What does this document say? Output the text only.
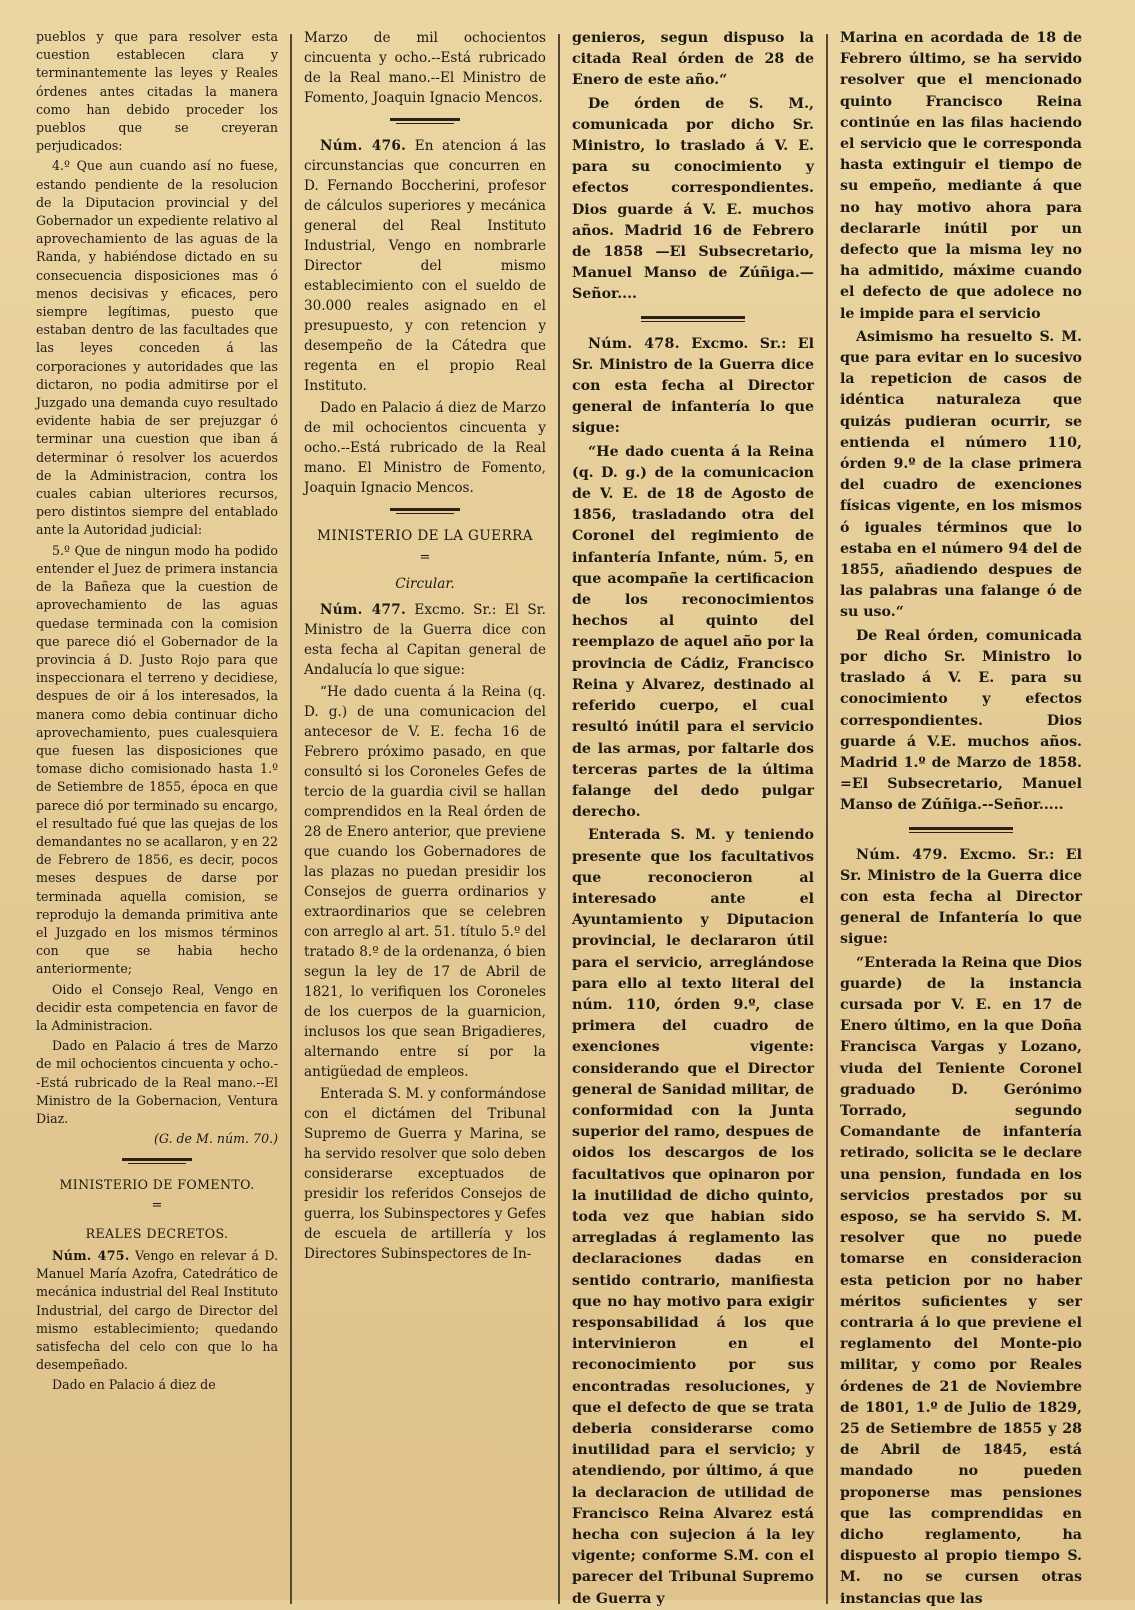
pueblos y que para resolver esta cuestion establecen clara y terminantemente las leyes y Reales órdenes antes citadas la manera como han debido proceder los pueblos que se creyeran perjudicados:

4.º Que aun cuando así no fuese, estando pendiente de la resolucion de la Diputacion provincial y del Gobernador un expediente relativo al aprovechamiento de las aguas de la Randa, y habiéndose dictado en su consecuencia disposiciones mas ó menos decisivas y eficaces, pero siempre legítimas, puesto que estaban dentro de las facultades que las leyes conceden á las corporaciones y autoridades que las dictaron, no podia admitirse por el Juzgado una demanda cuyo resultado evidente habia de ser prejuzgar ó terminar una cuestion que iban á determinar ó resolver los acuerdos de la Administracion, contra los cuales cabian ulteriores recursos, pero distintos siempre del entablado ante la Autoridad judicial:

5.º Que de ningun modo ha podido entender el Juez de primera instancia de la Bañeza que la cuestion de aprovechamiento de las aguas quedase terminada con la comision que parece dió el Gobernador de la provincia á D. Justo Rojo para que inspeccionara el terreno y decidiese, despues de oir á los interesados, la manera como debia continuar dicho aprovechamiento, pues cualesquiera que fuesen las disposiciones que tomase dicho comisionado hasta 1.º de Setiembre de 1855, época en que parece dió por terminado su encargo, el resultado fué que las quejas de los demandantes no se acallaron, y en 22 de Febrero de 1856, es decir, pocos meses despues de darse por terminada aquella comision, se reprodujo la demanda primitiva ante el Juzgado en los mismos términos con que se habia hecho anteriormente;

Oido el Consejo Real, Vengo en decidir esta competencia en favor de la Administracion.

Dado en Palacio á tres de Marzo de mil ochocientos cincuenta y ocho.--Está rubricado de la Real mano.--El Ministro de la Gobernacion, Ventura Diaz.

(G. de M. núm. 70.)

MINISTERIO DE FOMENTO.

=

REALES DECRETOS.

Núm. 475. Vengo en relevar á D. Manuel María Azofra, Catedrático de mecánica industrial del Real Instituto Industrial, del cargo de Director del mismo establecimiento; quedando satisfecha del celo con que lo ha desempeñado.

Dado en Palacio á diez de

Marzo de mil ochocientos cincuenta y ocho.--Está rubricado de la Real mano.--El Ministro de Fomento, Joaquin Ignacio Mencos.

Núm. 476. En atencion á las circunstancias que concurren en D. Fernando Boccherini, profesor de cálculos superiores y mecánica general del Real Instituto Industrial, Vengo en nombrarle Director del mismo establecimiento con el sueldo de 30.000 reales asignado en el presupuesto, y con retencion y desempeño de la Cátedra que regenta en el propio Real Instituto.

Dado en Palacio á diez de Marzo de mil ochocientos cincuenta y ocho.--Está rubricado de la Real mano. El Ministro de Fomento, Joaquin Ignacio Mencos.

MINISTERIO DE LA GUERRA

=

Circular.

Núm. 477. Excmo. Sr.: El Sr. Ministro de la Guerra dice con esta fecha al Capitan general de Andalucía lo que sigue:

“He dado cuenta á la Reina (q. D. g.) de una comunicacion del antecesor de V. E. fecha 16 de Febrero próximo pasado, en que consultó si los Coroneles Gefes de tercio de la guardia civil se hallan comprendidos en la Real órden de 28 de Enero anterior, que previene que cuando los Gobernadores de las plazas no puedan presidir los Consejos de guerra ordinarios y extraordinarios que se celebren con arreglo al art. 51. título 5.º del tratado 8.º de la ordenanza, ó bien segun la ley de 17 de Abril de 1821, lo verifiquen los Coroneles de los cuerpos de la guarnicion, inclusos los que sean Brigadieres, alternando entre sí por la antigüedad de empleos.

Enterada S. M. y conformándose con el dictámen del Tribunal Supremo de Guerra y Marina, se ha servido resolver que solo deben considerarse exceptuados de presidir los referidos Consejos de guerra, los Subinspectores y Gefes de escuela de artillería y los Directores Subinspectores de In-

genieros, segun dispuso la citada Real órden de 28 de Enero de este año.“

De órden de S. M., comunicada por dicho Sr. Ministro, lo traslado á V. E. para su conocimiento y efectos correspondientes. Dios guarde á V. E. muchos años. Madrid 16 de Febrero de 1858 —El Subsecretario, Manuel Manso de Zúñiga.—Señor....

Núm. 478. Excmo. Sr.: El Sr. Ministro de la Guerra dice con esta fecha al Director general de infantería lo que sigue:

“He dado cuenta á la Reina (q. D. g.) de la comunicacion de V. E. de 18 de Agosto de 1856, trasladando otra del Coronel del regimiento de infantería Infante, núm. 5, en que acompañe la certificacion de los reconocimientos hechos al quinto del reemplazo de aquel año por la provincia de Cádiz, Francisco Reina y Alvarez, destinado al referido cuerpo, el cual resultó inútil para el servicio de las armas, por faltarle dos terceras partes de la última falange del dedo pulgar derecho.

Enterada S. M. y teniendo presente que los facultativos que reconocieron al interesado ante el Ayuntamiento y Diputacion provincial, le declararon útil para el servicio, arreglándose para ello al texto literal del núm. 110, órden 9.º, clase primera del cuadro de exenciones vigente: considerando que el Director general de Sanidad militar, de conformidad con la Junta superior del ramo, despues de oidos los descargos de los facultativos que opinaron por la inutilidad de dicho quinto, toda vez que habian sido arregladas á reglamento las declaraciones dadas en sentido contrario, manifiesta que no hay motivo para exigir responsabilidad á los que intervinieron en el reconocimiento por sus encontradas resoluciones, y que el defecto de que se trata deberia considerarse como inutilidad para el servicio; y atendiendo, por último, á que la declaracion de utilidad de Francisco Reina Alvarez está hecha con sujecion á la ley vigente; conforme S.M. con el parecer del Tribunal Supremo de Guerra y

Marina en acordada de 18 de Febrero último, se ha servido resolver que el mencionado quinto Francisco Reina continúe en las filas haciendo el servicio que le corresponda hasta extinguir el tiempo de su empeño, mediante á que no hay motivo ahora para declararle inútil por un defecto que la misma ley no ha admitido, máxime cuando el defecto de que adolece no le impide para el servicio

Asimismo ha resuelto S. M. que para evitar en lo sucesivo la repeticion de casos de idéntica naturaleza que quizás pudieran ocurrir, se entienda el número 110, órden 9.º de la clase primera del cuadro de exenciones físicas vigente, en los mismos ó iguales términos que lo estaba en el número 94 del de 1855, añadiendo despues de las palabras una falange ó de su uso.“

De Real órden, comunicada por dicho Sr. Ministro lo traslado á V. E. para su conocimiento y efectos correspondientes. Dios guarde á V.E. muchos años. Madrid 1.º de Marzo de 1858. =El Subsecretario, Manuel Manso de Zúñiga.--Señor.....

Núm. 479. Excmo. Sr.: El Sr. Ministro de la Guerra dice con esta fecha al Director general de Infantería lo que sigue:

“Enterada la Reina que Dios guarde) de la instancia cursada por V. E. en 17 de Enero último, en la que Doña Francisca Vargas y Lozano, viuda del Teniente Coronel graduado D. Gerónimo Torrado, segundo Comandante de infantería retirado, solicita se le declare una pension, fundada en los servicios prestados por su esposo, se ha servido S. M. resolver que no puede tomarse en consideracion esta peticion por no haber méritos suficientes y ser contraria á lo que previene el reglamento del Monte-pio militar, y como por Reales órdenes de 21 de Noviembre de 1801, 1.º de Julio de 1829, 25 de Setiembre de 1855 y 28 de Abril de 1845, está mandado no pueden proponerse mas pensiones que las comprendidas en dicho reglamento, ha dispuesto al propio tiempo S. M. no se cursen otras instancias que las
